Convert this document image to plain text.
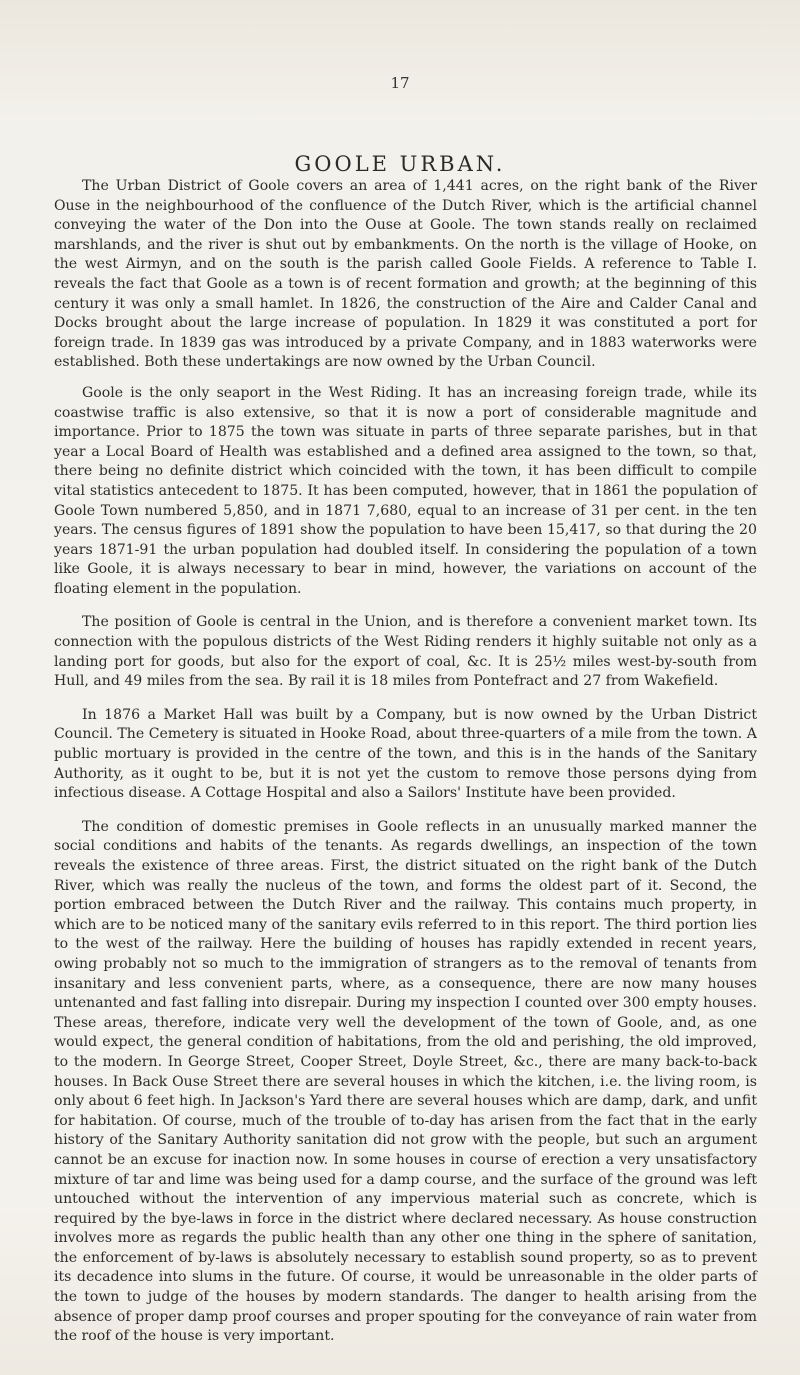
17
GOOLE URBAN.

The Urban District of Goole covers an area of 1,441 acres, on the right bank of the River Ouse in the neighbourhood of the confluence of the Dutch River, which is the artificial channel conveying the water of the Don into the Ouse at Goole. The town stands really on reclaimed marshlands, and the river is shut out by embankments. On the north is the village of Hooke, on the west Airmyn, and on the south is the parish called Goole Fields. A reference to Table I. reveals the fact that Goole as a town is of recent formation and growth; at the beginning of this century it was only a small hamlet. In 1826, the construction of the Aire and Calder Canal and Docks brought about the large increase of population. In 1829 it was constituted a port for foreign trade. In 1839 gas was introduced by a private Company, and in 1883 waterworks were established. Both these undertakings are now owned by the Urban Council.

Goole is the only seaport in the West Riding. It has an increasing foreign trade, while its coastwise traffic is also extensive, so that it is now a port of considerable magnitude and importance. Prior to 1875 the town was situate in parts of three separate parishes, but in that year a Local Board of Health was established and a defined area assigned to the town, so that, there being no definite district which coincided with the town, it has been difficult to compile vital statistics antecedent to 1875. It has been computed, however, that in 1861 the population of Goole Town numbered 5,850, and in 1871 7,680, equal to an increase of 31 per cent. in the ten years. The census figures of 1891 show the population to have been 15,417, so that during the 20 years 1871-91 the urban population had doubled itself. In considering the population of a town like Goole, it is always necessary to bear in mind, however, the variations on account of the floating element in the population.

The position of Goole is central in the Union, and is therefore a convenient market town. Its connection with the populous districts of the West Riding renders it highly suitable not only as a landing port for goods, but also for the export of coal, &c. It is 25½ miles west-by-south from Hull, and 49 miles from the sea. By rail it is 18 miles from Pontefract and 27 from Wakefield.

In 1876 a Market Hall was built by a Company, but is now owned by the Urban District Council. The Cemetery is situated in Hooke Road, about three-quarters of a mile from the town. A public mortuary is provided in the centre of the town, and this is in the hands of the Sanitary Authority, as it ought to be, but it is not yet the custom to remove those persons dying from infectious disease. A Cottage Hospital and also a Sailors' Institute have been provided.

The condition of domestic premises in Goole reflects in an unusually marked manner the social conditions and habits of the tenants. As regards dwellings, an inspection of the town reveals the existence of three areas. First, the district situated on the right bank of the Dutch River, which was really the nucleus of the town, and forms the oldest part of it. Second, the portion embraced between the Dutch River and the railway. This contains much property, in which are to be noticed many of the sanitary evils referred to in this report. The third portion lies to the west of the railway. Here the building of houses has rapidly extended in recent years, owing probably not so much to the immigration of strangers as to the removal of tenants from insanitary and less convenient parts, where, as a consequence, there are now many houses untenanted and fast falling into disrepair. During my inspection I counted over 300 empty houses. These areas, therefore, indicate very well the development of the town of Goole, and, as one would expect, the general condition of habitations, from the old and perishing, the old improved, to the modern. In George Street, Cooper Street, Doyle Street, &c., there are many back-to-back houses. In Back Ouse Street there are several houses in which the kitchen, i.e. the living room, is only about 6 feet high. In Jackson's Yard there are several houses which are damp, dark, and unfit for habitation. Of course, much of the trouble of to-day has arisen from the fact that in the early history of the Sanitary Authority sanitation did not grow with the people, but such an argument cannot be an excuse for inaction now. In some houses in course of erection a very unsatisfactory mixture of tar and lime was being used for a damp course, and the surface of the ground was left untouched without the intervention of any impervious material such as concrete, which is required by the bye-laws in force in the district where declared necessary. As house construction involves more as regards the public health than any other one thing in the sphere of sanitation, the enforcement of by-laws is absolutely necessary to establish sound property, so as to prevent its decadence into slums in the future. Of course, it would be unreasonable in the older parts of the town to judge of the houses by modern standards. The danger to health arising from the absence of proper damp proof courses and proper spouting for the conveyance of rain water from the roof of the house is very important.
